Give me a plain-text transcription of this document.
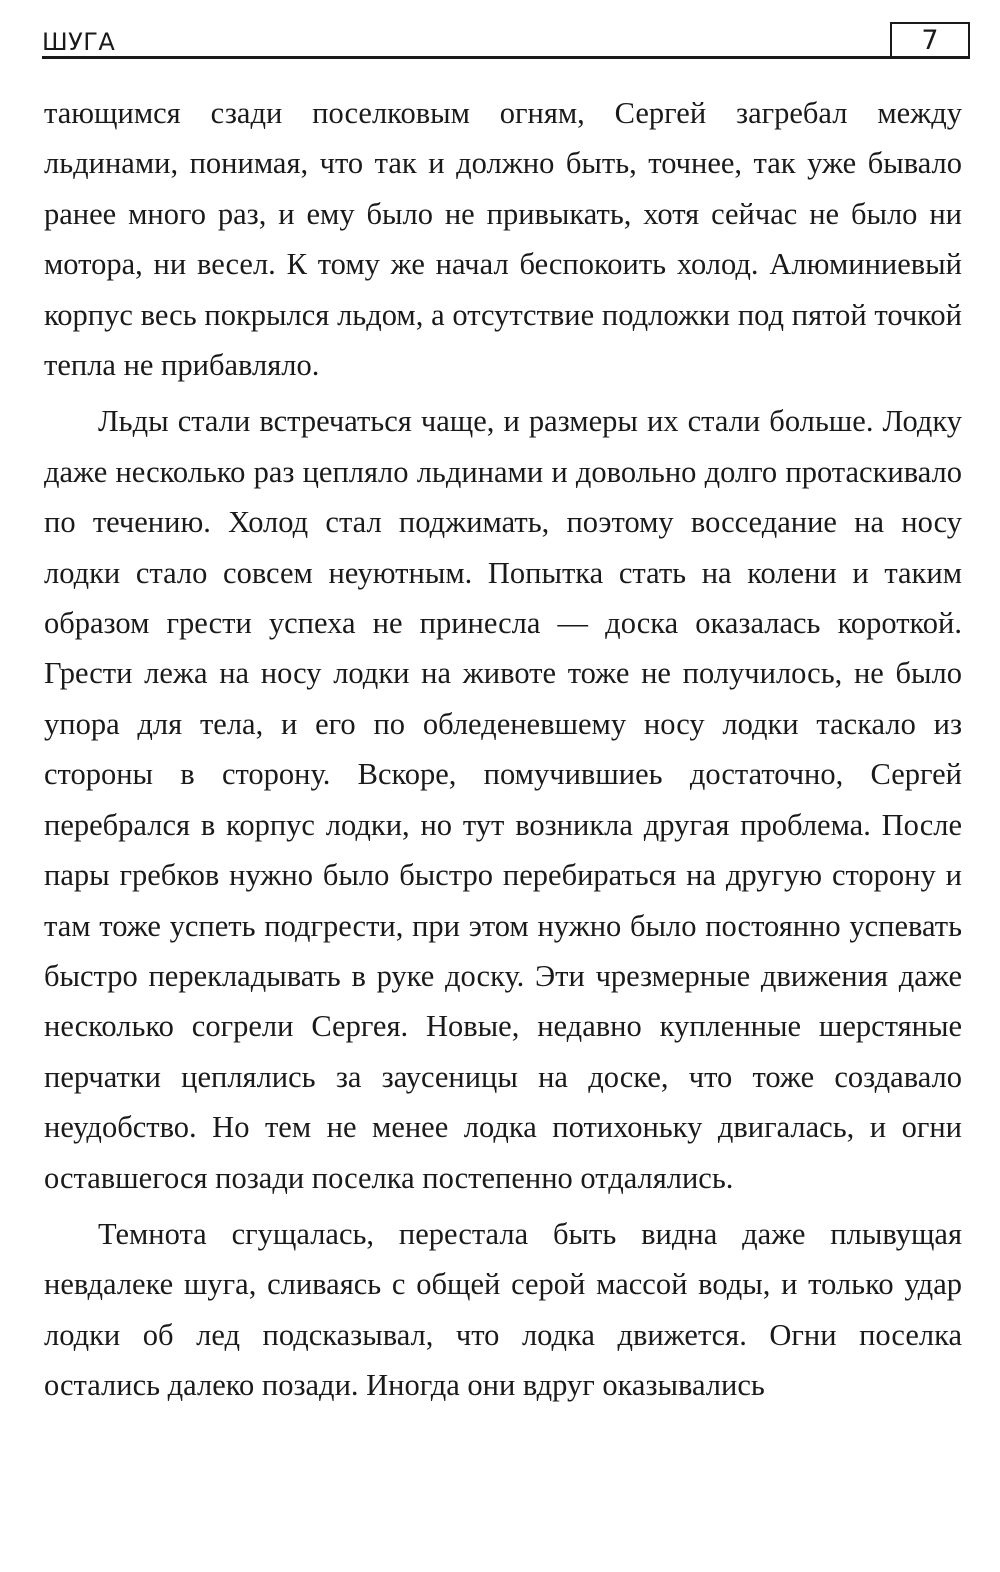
ШУГА	7

тающимся сзади поселковым огням, Сергей загребал между льдинами, понимая, что так и должно быть, точнее, так уже бывало ранее много раз, и ему было не привыкать, хотя сейчас не было ни мотора, ни весел. К тому же начал беспокоить холод. Алюминиевый корпус весь покрылся льдом, а отсутствие подложки под пятой точкой тепла не прибавляло.

Льды стали встречаться чаще, и размеры их стали больше. Лодку даже несколько раз цепляло льдинами и довольно долго протаскивало по течению. Холод стал поджимать, поэтому восседание на носу лодки стало совсем неуютным. Попытка стать на колени и таким образом грести успеха не принесла — доска оказалась короткой. Грести лежа на носу лодки на животе тоже не получилось, не было упора для тела, и его по обледеневшему носу лодки таскало из стороны в сторону. Вскоре, помучившиеь достаточно, Сергей перебрался в корпус лодки, но тут возникла другая проблема. После пары гребков нужно было быстро перебираться на другую сторону и там тоже успеть подгрести, при этом нужно было постоянно успевать быстро перекладывать в руке доску. Эти чрезмерные движения даже несколько согрели Сергея. Новые, недавно купленные шерстяные перчатки цеплялись за заусеницы на доске, что тоже создавало неудобство. Но тем не менее лодка потихоньку двигалась, и огни оставшегося позади поселка постепенно отдалялись.

Темнота сгущалась, перестала быть видна даже плывущая невдалеке шуга, сливаясь с общей серой массой воды, и только удар лодки об лед подсказывал, что лодка движется. Огни поселка остались далеко позади. Иногда они вдруг оказывались
